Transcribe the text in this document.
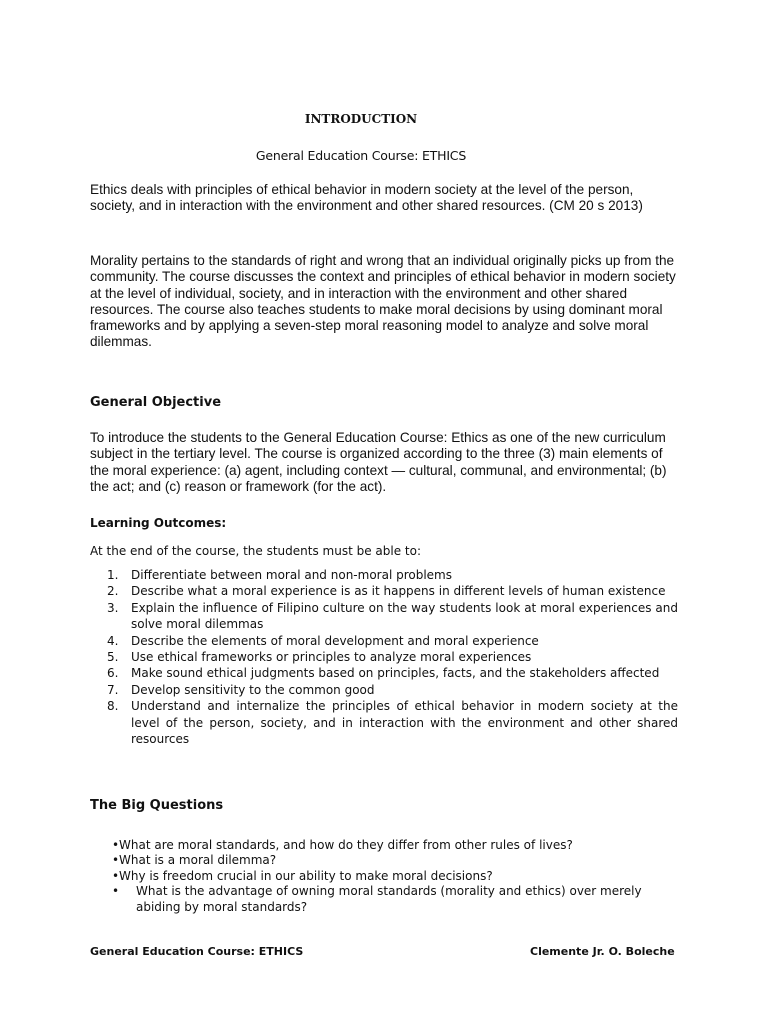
INTRODUCTION
General Education Course: ETHICS

Ethics deals with principles of ethical behavior in modern society at the level of the person, society, and in interaction with the environment and other shared resources. (CM 20 s 2013)

Morality pertains to the standards of right and wrong that an individual originally picks up from the community. The course discusses the context and principles of ethical behavior in modern society at the level of individual, society, and in interaction with the environment and other shared resources. The course also teaches students to make moral decisions by using dominant moral frameworks and by applying a seven-step moral reasoning model to analyze and solve moral dilemmas.

General Objective

To introduce the students to the General Education Course: Ethics as one of the new curriculum subject in the tertiary level. The course is organized according to the three (3) main elements of the moral experience: (a) agent, including context — cultural, communal, and environmental; (b) the act; and (c) reason or framework (for the act).

Learning Outcomes:

At the end of the course, the students must be able to:

1. Differentiate between moral and non-moral problems
2. Describe what a moral experience is as it happens in different levels of human existence
3. Explain the influence of Filipino culture on the way students look at moral experiences and solve moral dilemmas
4. Describe the elements of moral development and moral experience
5. Use ethical frameworks or principles to analyze moral experiences
6. Make sound ethical judgments based on principles, facts, and the stakeholders affected
7. Develop sensitivity to the common good
8. Understand and internalize the principles of ethical behavior in modern society at the level of the person, society, and in interaction with the environment and other shared resources
The Big Questions
• What are moral standards, and how do they differ from other rules of lives?
• What is a moral dilemma?
• Why is freedom crucial in our ability to make moral decisions?
• What is the advantage of owning moral standards (morality and ethics) over merely abiding by moral standards?

General Education Course: ETHICS	Clemente Jr. O. Boleche
